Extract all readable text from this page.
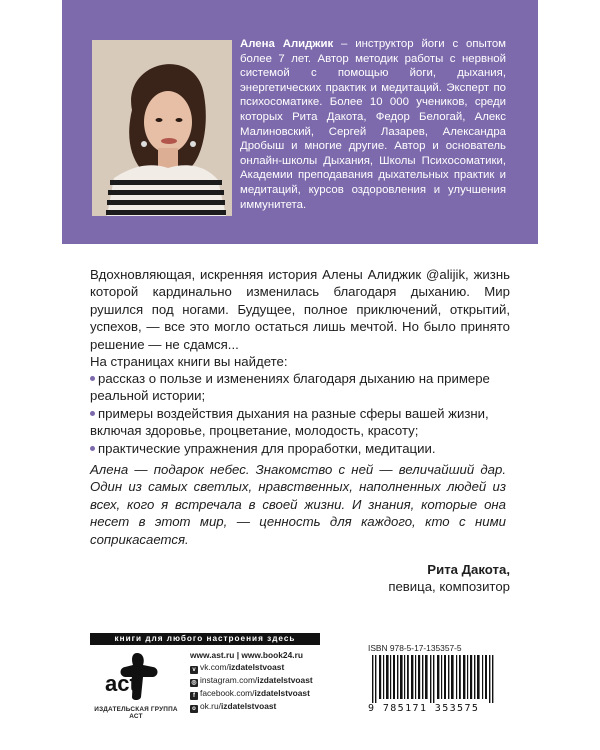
Алена Алиджик – инструктор йоги с опытом более 7 лет. Автор методик работы с нервной системой с помощью йоги, дыхания, энергетических практик и медитаций. Эксперт по психосоматике. Более 10 000 учеников, среди которых Рита Дакота, Федор Белогай, Алекс Малиновский, Сергей Лазарев, Александра Дробыш и многие другие. Автор и основатель онлайн-школы Дыхания, Школы Психосоматики, Академии преподавания дыхательных практик и медитаций, курсов оздоровления и улучшения иммунитета.
Вдохновляющая, искренняя история Алены Алиджик @alijik, жизнь которой кардинально изменилась благодаря дыханию. Мир рушился под ногами. Будущее, полное приключений, открытий, успехов, — все это могло остаться лишь мечтой. Но было принято решение — не сдамся...
На страницах книги вы найдете:
рассказ о пользе и изменениях благодаря дыханию на примере реальной истории;
примеры воздействия дыхания на разные сферы вашей жизни, включая здоровье, процветание, молодость, красоту;
практические упражнения для проработки, медитации.
Алена — подарок небес. Знакомство с ней — величайший дар. Один из самых светлых, нравственных, наполненных людей из всех, кого я встречала в своей жизни. И знания, которые она несет в этот мир, — ценность для каждого, кто с ними соприкасается.
Рита Дакота,
певица, композитор
книги для любого настроения здесь
act
ИЗДАТЕЛЬСКАЯ ГРУППА АСТ
www.ast.ru | www.book24.ru
v vk.com/izdatelstvoast
◎ instagram.com/izdatelstvoast
f facebook.com/izdatelstvoast
o ok.ru/izdatelstvoast
ISBN 978-5-17-135357-5
9 785171 353575
